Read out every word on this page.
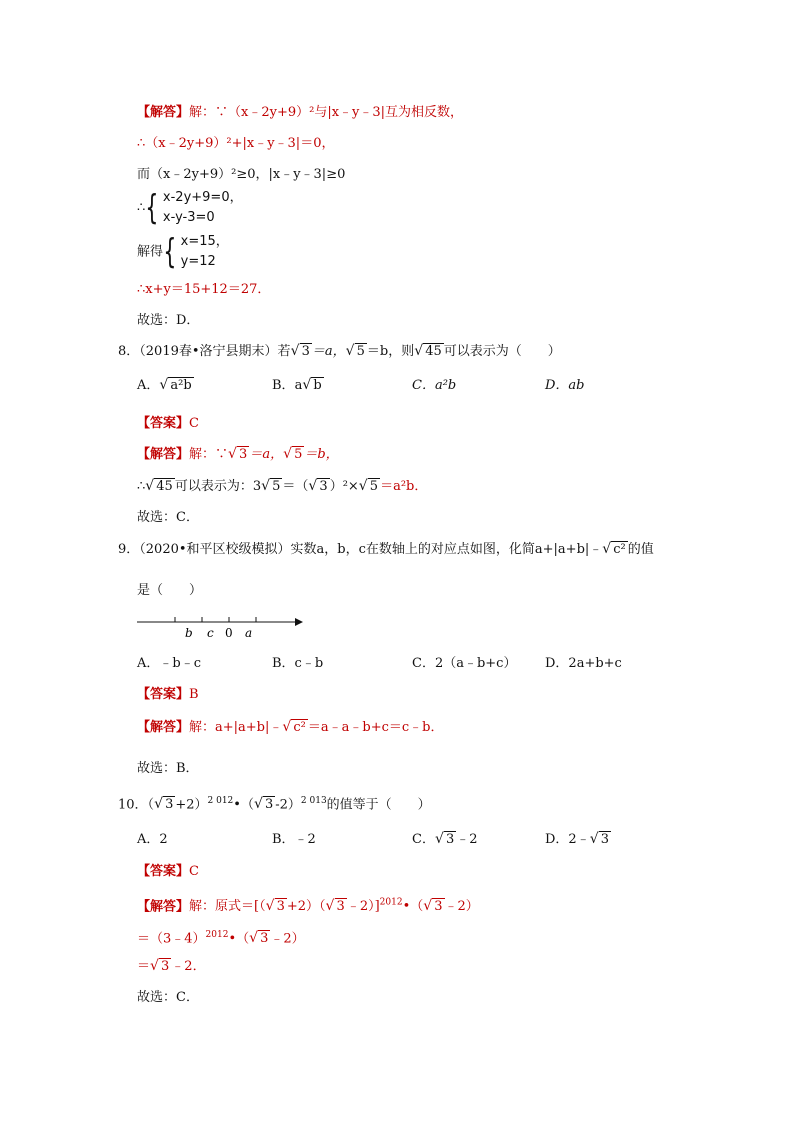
【解答】解：∵（x﹣2y+9）²与|x﹣y﹣3|互为相反数，
∴（x﹣2y+9）²+|x﹣y﹣3|＝0，
而（x﹣2y+9）²≥0，|x﹣y﹣3|≥0
∴{ x-2y+9=0，
x-y-3=0
解得{ x=15，
y=12
∴x+y＝15+12＝27．
故选：D．
8．（2019春•洛宁县期末）若 √ 3 ＝a， √ 5 ＝b，则 √ 45 可以表示为（　　）
A． √ a²b	B．a √ b	C．a²b	D．ab
【答案】C
【解答】解：∵ √ 3 ＝a， √ 5 ＝b，
∴ √ 45 可以表示为：3 √ 5 ＝（ √ 3 ）²× √ 5 ＝a²b．
故选：C．
9．（2020•和平区校级模拟）实数a，b，c在数轴上的对应点如图，化简a+|a+b|﹣ √ c² 的值
是（　　）
b c 0 a
A．﹣b﹣c	B．c﹣b	C．2（a﹣b+c） D．2a+b+c
【答案】B
【解答】解：a+|a+b|﹣ √ c² ＝a﹣a﹣b+c＝c﹣b．
故选：B．
10．（ √ 3 +2）$^{2 012}$•（ √ 3 -2）$^{2 013}$的值等于（　　）
A．2	B．﹣2	C． √ 3 ﹣2	D．2﹣ √ 3
【答案】C
【解答】解：原式＝[（ √ 3 +2）（ √ 3 ﹣2）]$^{2012}$•（ √ 3 ﹣2）
＝（3﹣4）$^{2012}$•（ √ 3 ﹣2）
＝ √ 3 ﹣2．
故选：C．
